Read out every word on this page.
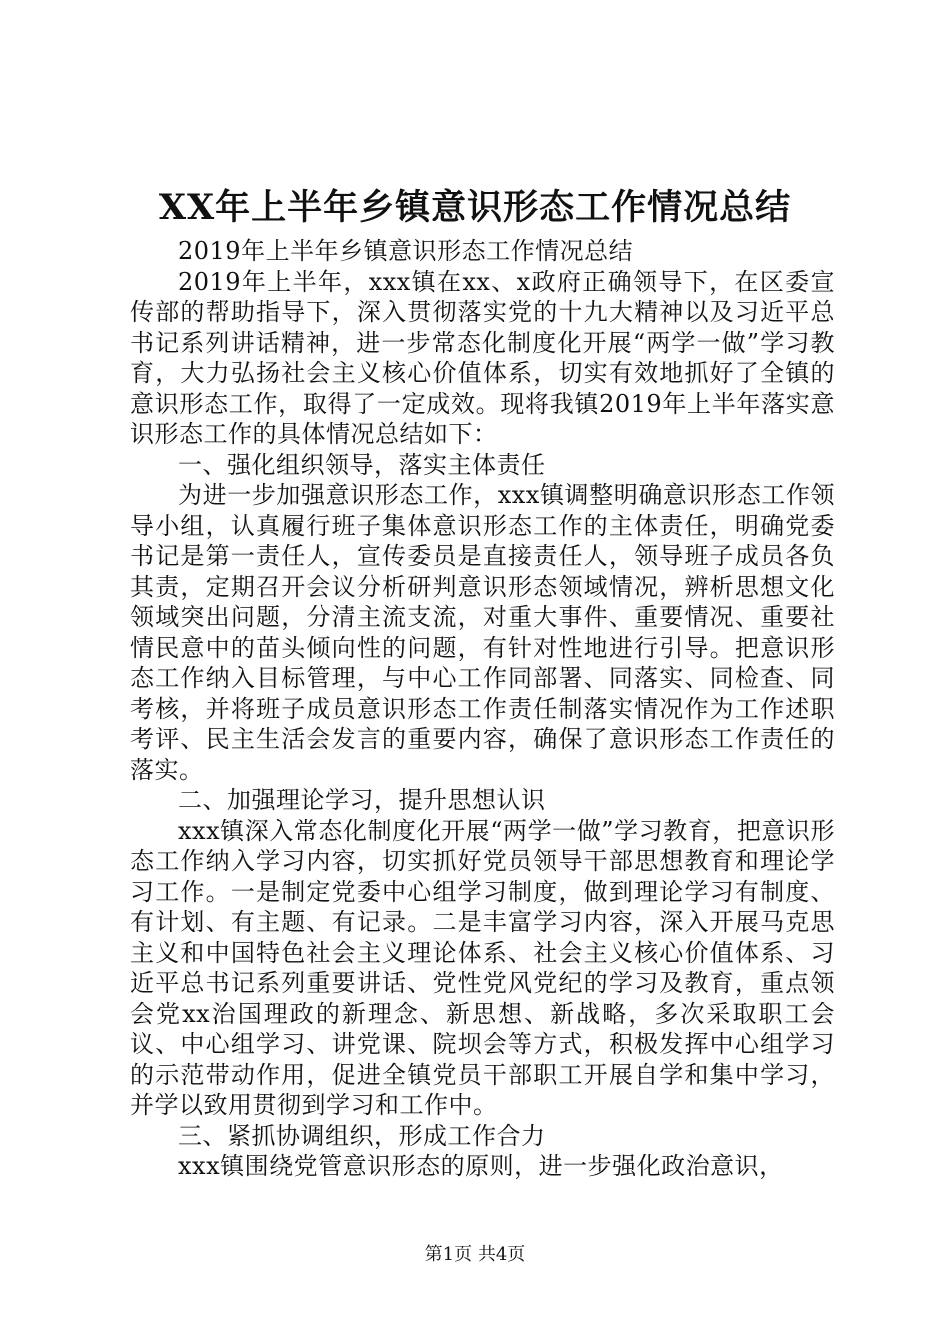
XX年上半年乡镇意识形态工作情况总结

2019年上半年乡镇意识形态工作情况总结

2019年上半年，xxx镇在xx、x政府正确领导下，在区委宣传部的帮助指导下，深入贯彻落实党的十九大精神以及习近平总书记系列讲话精神，进一步常态化制度化开展“两学一做”学习教育，大力弘扬社会主义核心价值体系，切实有效地抓好了全镇的意识形态工作，取得了一定成效。现将我镇2019年上半年落实意识形态工作的具体情况总结如下：

一、强化组织领导，落实主体责任

为进一步加强意识形态工作，xxx镇调整明确意识形态工作领导小组，认真履行班子集体意识形态工作的主体责任，明确党委书记是第一责任人，宣传委员是直接责任人，领导班子成员各负其责，定期召开会议分析研判意识形态领域情况，辨析思想文化领域突出问题，分清主流支流，对重大事件、重要情况、重要社情民意中的苗头倾向性的问题，有针对性地进行引导。把意识形态工作纳入目标管理，与中心工作同部署、同落实、同检查、同考核，并将班子成员意识形态工作责任制落实情况作为工作述职考评、民主生活会发言的重要内容，确保了意识形态工作责任的落实。

二、加强理论学习，提升思想认识

xxx镇深入常态化制度化开展“两学一做”学习教育，把意识形态工作纳入学习内容，切实抓好党员领导干部思想教育和理论学习工作。一是制定党委中心组学习制度，做到理论学习有制度、有计划、有主题、有记录。二是丰富学习内容，深入开展马克思主义和中国特色社会主义理论体系、社会主义核心价值体系、习近平总书记系列重要讲话、党性党风党纪的学习及教育，重点领会党xx治国理政的新理念、新思想、新战略，多次采取职工会议、中心组学习、讲党课、院坝会等方式，积极发挥中心组学习的示范带动作用，促进全镇党员干部职工开展自学和集中学习，并学以致用贯彻到学习和工作中。

三、紧抓协调组织，形成工作合力

xxx镇围绕党管意识形态的原则，进一步强化政治意识，

第1页 共4页
